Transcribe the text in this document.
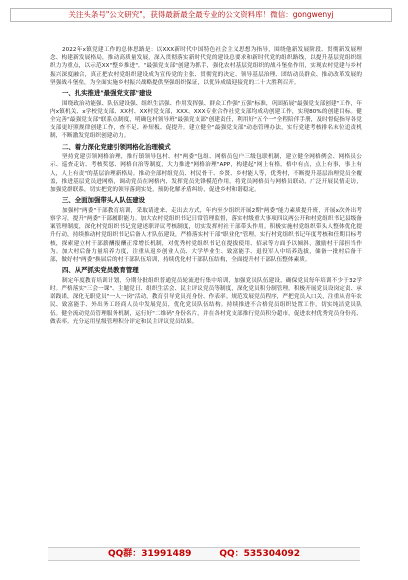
关注头条号"公文研究"，获得最新最全最专业的公文资料库！微信：gongwenyj

2022年x镇党建工作的总体思路是：以XXX新时代中国特色社会主义思想为指导，围绕他新发展阶段、贯彻新发展理念、构建新发展格局，推动高质量发展，深入贯彻落实新时代党的建设总要求和新时代党的组织路线，以提升基层党组织组织力为重点，以示范XX"整乡推进"，"最强党支部"创建为抓手，强化农村基层党组织的战斗堡垒作用，实现农村党建与乡村振兴深度融合，真正把农村党组织建设成为宣传党的主张、贯彻党的决定、领导基层治理、团结动员群众、推动改革发展的坚强战斗堡垒，为全面实施乡村振兴战略提供坚强组织保证，以优异成绩迎接党的二十大胜利召开。

一、扎实推进"最强党支部"建设

围绕政治功能强、队伍建设强、组织生活强、作用发挥强、群众工作强"五强"标准，巩固拓展"最强党支部创建"工作，年内x镇机关、x学校党支部、XX村、XX村党支部，XXX、XXX专业合作社党支部均成功创建工作，实现80%的创建目标。健全完善"最强党支部"联系点制度，明确包村领导班"最强党支部"创建责任，利用好"五个一"全程陪伴手册，及时督促指导各党支部更好照规律创建工作，查不足、补短板、促提升。建立健全"最强党支部"动态管理办法，实行党建考核排名末位追责机制，不断激发党组织创建动力。

二、着力深化党建引领网格化治理模式

坚持党建引领网格治理，推行镇领导包村、村"两委"包组、网格员包户三级包联机制，建立健全网格例会、网格员公示、巡查走访、考核奖惩、网格自治等制度，大力推进"网格治理"APP，构建起"网上有格，格中有点，点上有事，事上有人，人上有责"的基层治理新格局。推动全部村组党员、村民骨干、乡贤、乡村能人等，优秀村，不断提升基层治理党员全覆盖，推进基层党员进网格，调动党员在网格内，发挥党员先锋模范作用，将党员网格员与网格员联动，广泛开展民情走访，加强党群联系，切实把党的领导落到实处，预防化解矛盾纠纷，促进乡村和谐稳定。

三、全面加强带头人队伍建设

加强村"两委"干部教育培训，采取请进来、走出去方式，年内至少组织开展2期"两委"能力素质提升班，开展x次外出考察学习，提升"两委"干部履职能力。加大农村党组织书记日常管理监督，落实村级重大事项四议两公开和村党组织书记县级备案管理制度，深化村党组织书记党建述职评议考核制度，切实发挥村社干部带头作用。积极实施村党组织带头人整体优化提升行动，持续推动村党组织书记后备人才队伍建设，严格落实村干部"职业化"管理，实行村党组织书记年度考核和任期目标考核，探索建立村干部薪酬报酬正常增长机制，对优秀村党组织书记在提拔使用、招录等方面予以倾斜，激励村干部担当作为。加大村后备力量培养力度，注重从返乡创业人员、大学毕业生、致富能手、退役军人中培养选拔，储备一批村后备干部，做好村"两委"换届后的村干部队伍培训，持续优化村干部队伍结构，全面提升村干部队伍整体素质。

四、从严抓实党员教育管理

制定年度教育培训计划，分期分批组织普通党员轮流进行集中培训，加强党员队伍建设，确保党员每年培训不少于32学时。严格落实"三会一课"、主题党日、组织生活会、民主评议党员等制度，深化党员积分制管理。积极开展党员设岗定责、承诺践诺，深化无职党员"一人一岗"活动，教育引导党员亮身份、作表率。规范发展党员程序，严把党员入口关，注重从青年农民、致富能手、外出务工经商人员中发展党员，优化党员队伍结构。持续推进不合格党员组织处置工作，切实纯洁党员队伍。健全流动党员管理服务机制，运行好"二维码"身份名片，并在各村党支部推行党员积分超市，促进农村优秀党员身份亮、做表率。充分运用星级管理积分评定和民主评议党员结果。

QQ群：31991489	QQ：535304092
